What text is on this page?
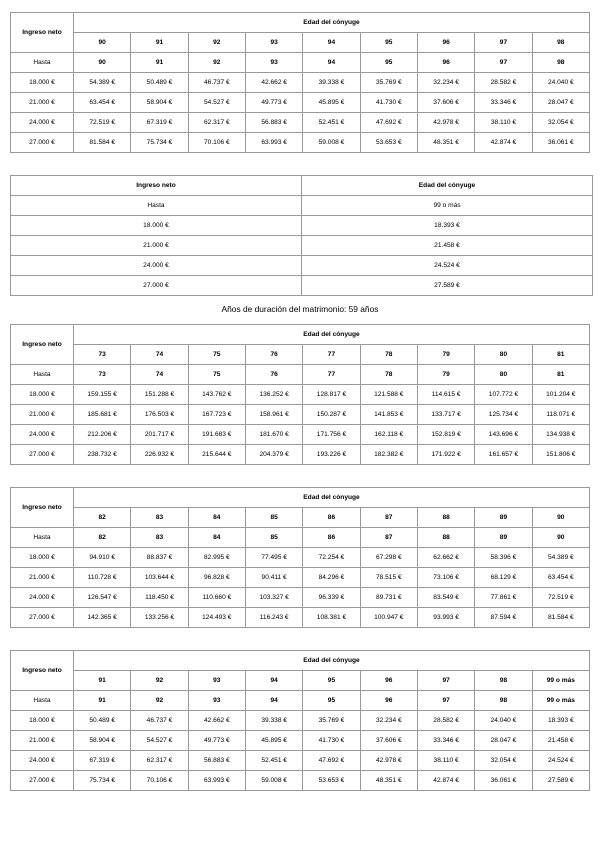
Ingreso neto	Edad del cónyuge								
	90	91	92	93	94	95	96	97	98
Hasta	90	91	92	93	94	95	96	97	98
18.000 €	54.389 €	50.489 €	46.737 €	42.662 €	39.338 €	35.769 €	32.234 €	28.582 €	24.040 €
21.000 €	63.454 €	58.904 €	54.527 €	49.773 €	45.895 €	41.730 €	37.606 €	33.346 €	28.047 €
24.000 €	72.519 €	67.319 €	62.317 €	56.883 €	52.451 €	47.692 €	42.978 €	38.110 €	32.054 €
27.000 €	81.584 €	75.734 €	70.106 €	63.993 €	59.008 €	53.653 €	48.351 €	42.874 €	36.061 €
Ingreso neto	Edad del cónyuge
Hasta	99 o más
18.000 €	18.393 €
21.000 €	21.458 €
24.000 €	24.524 €
27.000 €	27.589 €

Años de duración del matrimonio: 59 años

Ingreso neto	Edad del cónyuge								
	73	74	75	76	77	78	79	80	81
Hasta	73	74	75	76	77	78	79	80	81
18.000 €	159.155 €	151.288 €	143.762 €	136.252 €	128.817 €	121.588 €	114.615 €	107.772 €	101.204 €
21.000 €	185.681 €	176.503 €	167.723 €	158.961 €	150.287 €	141.853 €	133.717 €	125.734 €	118.071 €
24.000 €	212.206 €	201.717 €	191.683 €	181.670 €	171.756 €	162.118 €	152.819 €	143.696 €	134.938 €
27.000 €	238.732 €	226.932 €	215.644 €	204.379 €	193.226 €	182.382 €	171.922 €	161.657 €	151.806 €
Ingreso neto	Edad del cónyuge								
	82	83	84	85	86	87	88	89	90
Hasta	82	83	84	85	86	87	88	89	90
18.000 €	94.910 €	88.837 €	82.995 €	77.495 €	72.254 €	67.298 €	62.662 €	58.396 €	54.389 €
21.000 €	110.728 €	103.644 €	96.828 €	90.411 €	84.296 €	78.515 €	73.106 €	68.129 €	63.454 €
24.000 €	126.547 €	118.450 €	110.660 €	103.327 €	96.339 €	89.731 €	83.549 €	77.861 €	72.519 €
27.000 €	142.365 €	133.256 €	124.493 €	116.243 €	108.381 €	100.947 €	93.993 €	87.594 €	81.584 €
Ingreso neto	Edad del cónyuge								
	91	92	93	94	95	96	97	98	99 o más
Hasta	91	92	93	94	95	96	97	98	99 o más
18.000 €	50.489 €	46.737 €	42.662 €	39.338 €	35.769 €	32.234 €	28.582 €	24.040 €	18.393 €
21.000 €	58.904 €	54.527 €	49.773 €	45.895 €	41.730 €	37.606 €	33.346 €	28.047 €	21.458 €
24.000 €	67.319 €	62.317 €	56.883 €	52.451 €	47.692 €	42.978 €	38.110 €	32.054 €	24.524 €
27.000 €	75.734 €	70.106 €	63.993 €	59.008 €	53.653 €	48.351 €	42.874 €	36.061 €	27.589 €
